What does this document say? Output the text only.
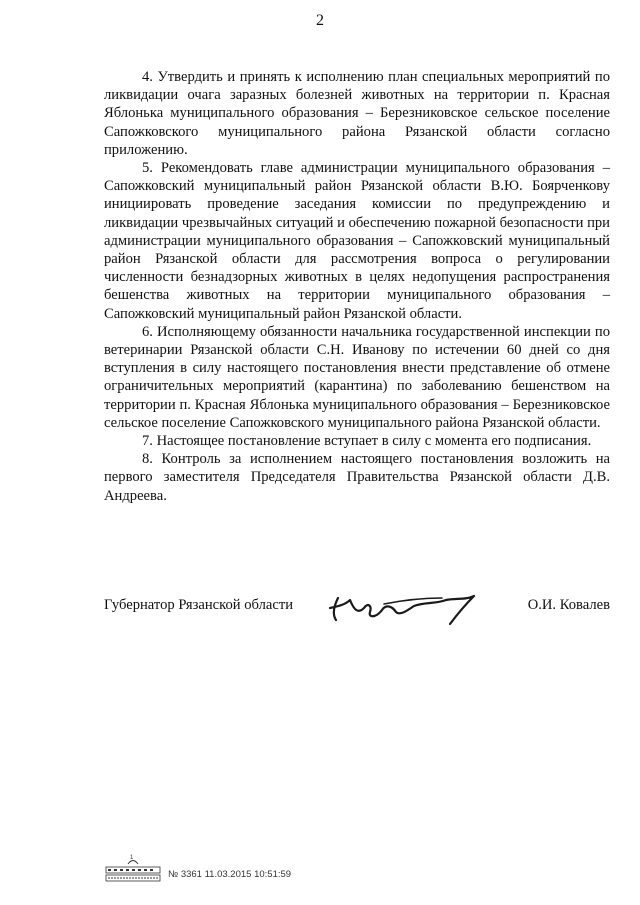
2

4. Утвердить и принять к исполнению план специальных мероприятий по ликвидации очага заразных болезней животных на территории п. Красная Яблонька муниципального образования – Березниковское сельское поселение Сапожковского муниципального района Рязанской области согласно приложению.

5. Рекомендовать главе администрации муниципального образования – Сапожковский муниципальный район Рязанской области В.Ю. Боярченкову инициировать проведение заседания комиссии по предупреждению и ликвидации чрезвычайных ситуаций и обеспечению пожарной безопасности при администрации муниципального образования – Сапожковский муниципальный район Рязанской области для рассмотрения вопроса о регулировании численности безнадзорных животных в целях недопущения распространения бешенства животных на территории муниципального образования – Сапожковский муниципальный район Рязанской области.

6. Исполняющему обязанности начальника государственной инспекции по ветеринарии Рязанской области С.Н. Иванову по истечении 60 дней со дня вступления в силу настоящего постановления внести представление об отмене ограничительных мероприятий (карантина) по заболеванию бешенством на территории п. Красная Яблонька муниципального образования – Березниковское сельское поселение Сапожковского муниципального района Рязанской области.

7. Настоящее постановление вступает в силу с момента его подписания.

8. Контроль за исполнением настоящего постановления возложить на первого заместителя Председателя Правительства Рязанской области Д.В. Андреева.

Губернатор Рязанской области	О.И. Ковалев
1
№ 3361 11.03.2015 10:51:59
